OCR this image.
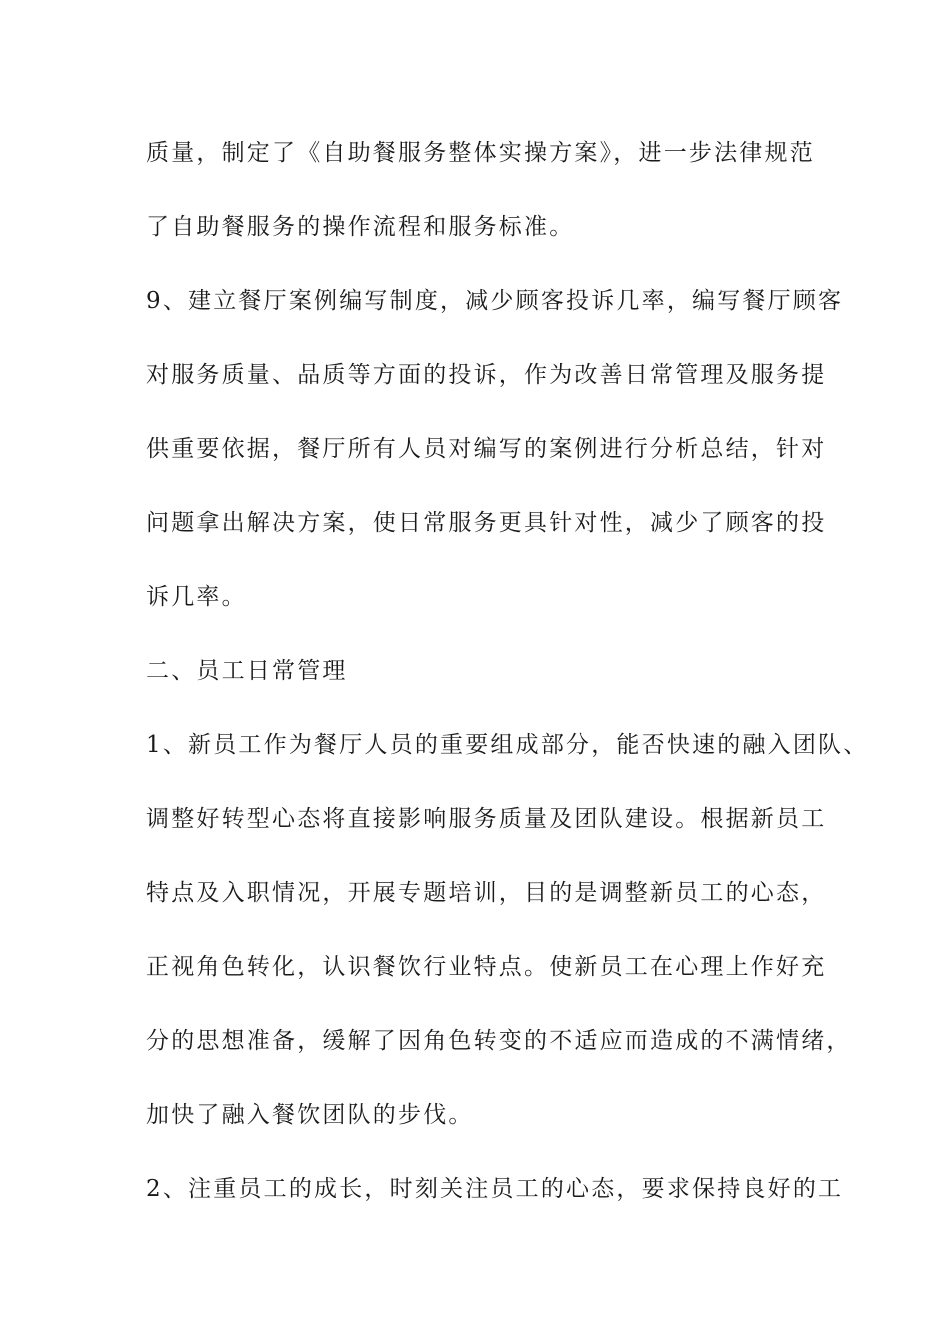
质量，制定了《自助餐服务整体实操方案》，进一步法律规范
了自助餐服务的操作流程和服务标准。
9、建立餐厅案例编写制度，减少顾客投诉几率，编写餐厅顾客
对服务质量、品质等方面的投诉，作为改善日常管理及服务提
供重要依据，餐厅所有人员对编写的案例进行分析总结，针对
问题拿出解决方案，使日常服务更具针对性，减少了顾客的投
诉几率。
二、员工日常管理
1、新员工作为餐厅人员的重要组成部分，能否快速的融入团队、
调整好转型心态将直接影响服务质量及团队建设。根据新员工
特点及入职情况，开展专题培训，目的是调整新员工的心态，
正视角色转化，认识餐饮行业特点。使新员工在心理上作好充
分的思想准备，缓解了因角色转变的不适应而造成的不满情绪，
加快了融入餐饮团队的步伐。
2、注重员工的成长，时刻关注员工的心态，要求保持良好的工
